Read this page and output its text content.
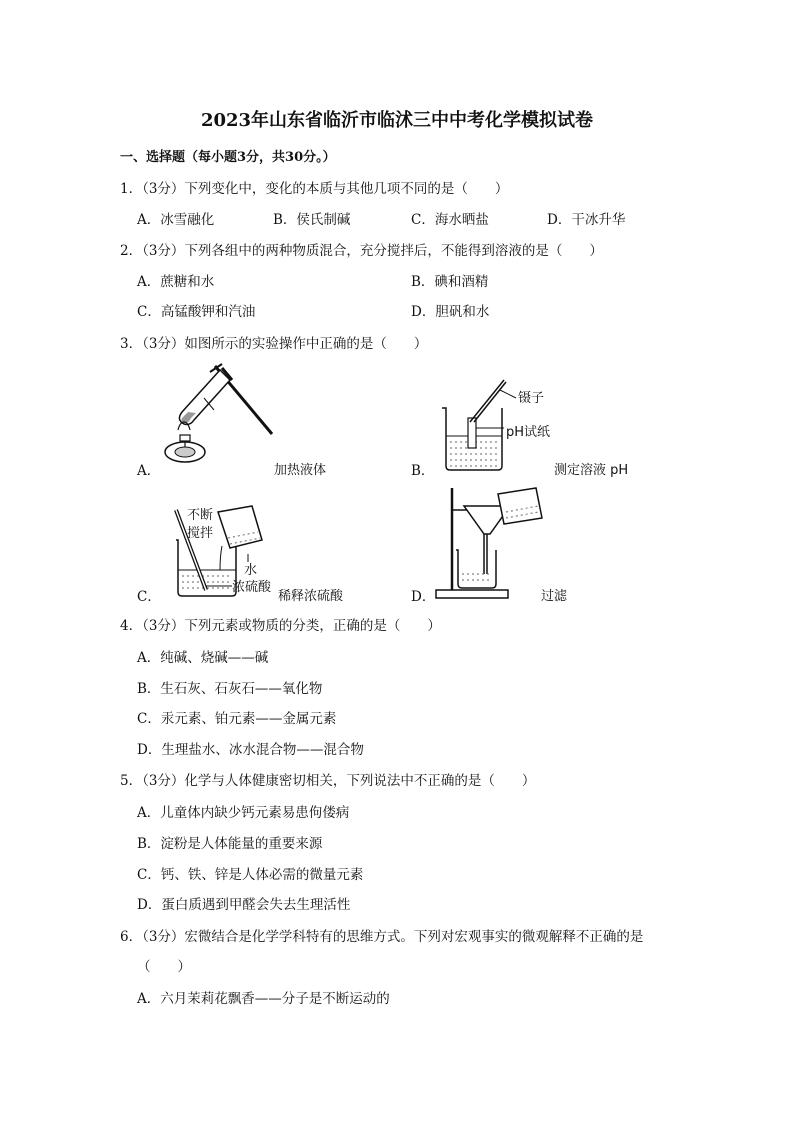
2023年山东省临沂市临沭三中中考化学模拟试卷
一、选择题（每小题3分，共30分。）
1．（3分）下列变化中，变化的本质与其他几项不同的是（　　）
A．冰雪融化	B．侯氏制碱	C．海水晒盐	D．干冰升华
2．（3分）下列各组中的两种物质混合，充分搅拌后，不能得到溶液的是（　　）
A．蔗糖和水	B．碘和酒精
C．高锰酸钾和汽油	D．胆矾和水
3．（3分）如图所示的实验操作中正确的是（　　）
A．	加热液体
镊子
pH试纸
B．	测定溶液 pH
不断
搅拌
水
浓硫酸
C．	稀释浓硫酸	D．	过滤
4．（3分）下列元素或物质的分类，正确的是（　　）
A．纯碱、烧碱——碱
B．生石灰、石灰石——氧化物
C．汞元素、铂元素——金属元素
D．生理盐水、冰水混合物——混合物
5．（3分）化学与人体健康密切相关，下列说法中不正确的是（　　）
A．儿童体内缺少钙元素易患佝偻病
B．淀粉是人体能量的重要来源
C．钙、铁、锌是人体必需的微量元素
D．蛋白质遇到甲醛会失去生理活性
6．（3分）宏微结合是化学学科特有的思维方式。下列对宏观事实的微观解释不正确的是
（　　）
A．六月茉莉花飘香——分子是不断运动的
